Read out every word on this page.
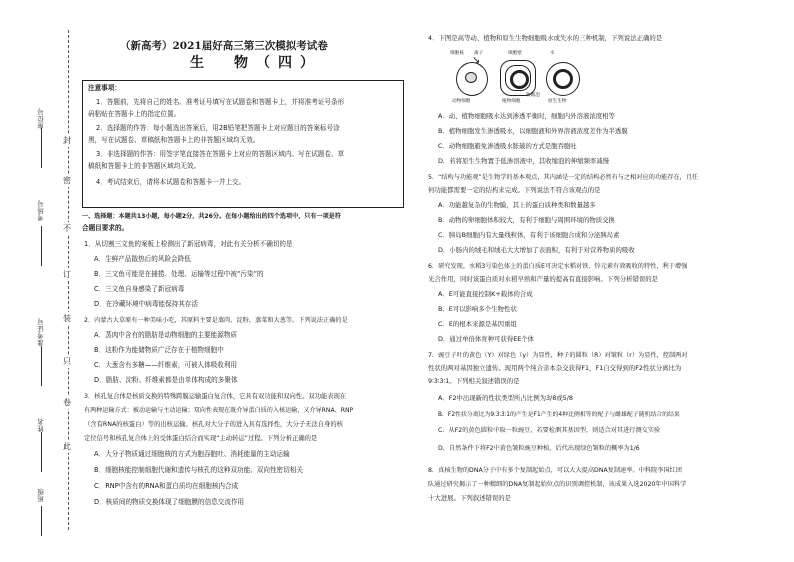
封
密
不
订
装
只
卷
此
座位号
考场号
准考证号
姓名
班级
（新高考）2021届好高三第三次模拟考试卷
生　物（四）
注意事项：
1．答题前，先将自己的姓名、准考证号填写在试题卷和答题卡上，并将准考证号条形
码粘贴在答题卡上的指定位置。
2．选择题的作答：每小题选出答案后，用2B铅笔把答题卡上对应题目的答案标号涂
黑，写在试题卷、草稿纸和答题卡上的非答题区域均无效。
3．非选择题的作答：用签字笔直接答在答题卡上对应的答题区域内。写在试题卷、草
稿纸和答题卡上的非答题区域均无效。
4．考试结束后，请将本试题卷和答题卡一并上交。
一、选择题：本题共13小题，每小题2分，共26分。在每小题给出的四个选项中，只有一项是符
合题目要求的。
1．从切割三文鱼的案板上检测出了新冠病毒，对此有关分析不确切的是
A．生鲜产品散热后的风险会降低
B．三文鱼可能是在捕捞、处理、运输等过程中被“污染”的
C．三文鱼自身感染了新冠病毒
D．在冷藏环境中病毒能保持其存活
2．内蒙古大草原有一种美味小吃，其原料主要是蒸肉、淀粉、蒸菜和大葱等。下列说法正确的是
A．蒸肉中含有的脂肪是动物细胞的主要能源物质
B．这粉作为能储物质广泛存在于植物细胞中
C．大葱含有多糖——纤维素，可被人体吸收利用
D．脂肪、淀粉、纤维素都是由单体构成的多聚体
3．核孔复合体是核质交换的特殊跨膜运输蛋白复合体，它具有双功能和双向性。双功能表现在
有两种运输方式：被动运输与主动运输；双向性表现在既介导蛋白质的入核运输，又介导RNA、RNP
（含有RNA的核蛋白）等的出核运输。核孔对大分子的进入具有选择性，大分子无法自身的核
定位信号和核孔复合体上的受体蛋白结合而实现“主动转运”过程。下列分析正确的是
A．大分子物质通过细胞核的方式为胞吞胞吐、消耗能量的主动运输
B．细胞核能控制细胞代谢和遗传与核孔的这种双功能、双向性密切相关
C．RNP中含有的RNA和蛋白质均在细胞核内合成
D．核质间的物质交换体现了细胞膜的信息交流作用
4．下图是高等动、植物和原生生物细胞吸水或失水的三种机制，下列说法正确的是
↘
细胞核 离子	细胞壁	水
动物细胞	植物细胞	原生生物
收缩泡
A．动、植物细胞吸水达到渗透平衡时，细胞内外溶液浓度相等
B．植物细胞发生渗透吸水，以细胞液和外界溶液浓度差作为半透膜
C．动物细胞避免渗透吸水胀破的方式是胞吞胞吐
D．若将原生生物置于低渗溶液中，其收缩泡的伸缩频率减慢
5．“结构与功能观”是生物学的基本观点，其内涵是一定的结构必然有与之相对应的功能存在，且任
何功能都需要一定的结构来完成。下列说法不符合该观点的是
A．功能越复杂的生物膜，其上的蛋白质种类和数量越多
B．动物的卵细胞体积较大，有利于细胞与周围环境的物质交换
C．胰岛B细胞内有大量线粒体，有利于该细胞合成和分泌胰岛素
D．小肠内的绒毛和绒毛大大增加了表面积，有利于对营养物质的吸收
6．研究发现，水稻3号染色体上的蛋白质E可决定水稻对铁、锌元素有效吸收的特性，利于增强
光合作用，同时该蛋白质对水稻早熟和产量的提高有直接影响。下列分析错误的是
A．E可能直接控制K+载体的合成
B．E可以影响多个生物性状
C．E的根本来源是基因重组
D．通过单倍体育种可获得EE个体
7．豌豆子叶的黄色（Y）对绿色（y）为显性，种子的圆粒（R）对皱粒（r）为显性，控制两对
性状的两对基因独立遗传。现用两个纯合亲本杂交获得F1，F1自交得到的F2性状分离比为
9∶3∶3∶1。下列相关叙述错误的是
A．F2中出现新的性状类型所占比例为3/8或5/8
B．F2性状分离比为9∶3∶3∶1的产生是F1产生的4种比例相等的配子与雌雄配子随机结合的结果
C．从F2的黄色圆粒中取一粒豌豆，若要检测其基因型，则适合对其进行测交实验
D．自然条件下将F2中黄色皱粒豌豆种植，后代出现绿色皱粒的概率为1/6
8．真核生物的DNA分子中有多个复制起始点，可以大大提高DNA复制速率。中科院李国红团
队通过研究揭示了一种精细的DNA复制起始位点的识别调控机制，该成果入选2020年中国科学
十大进展。下列叙述错误的是
